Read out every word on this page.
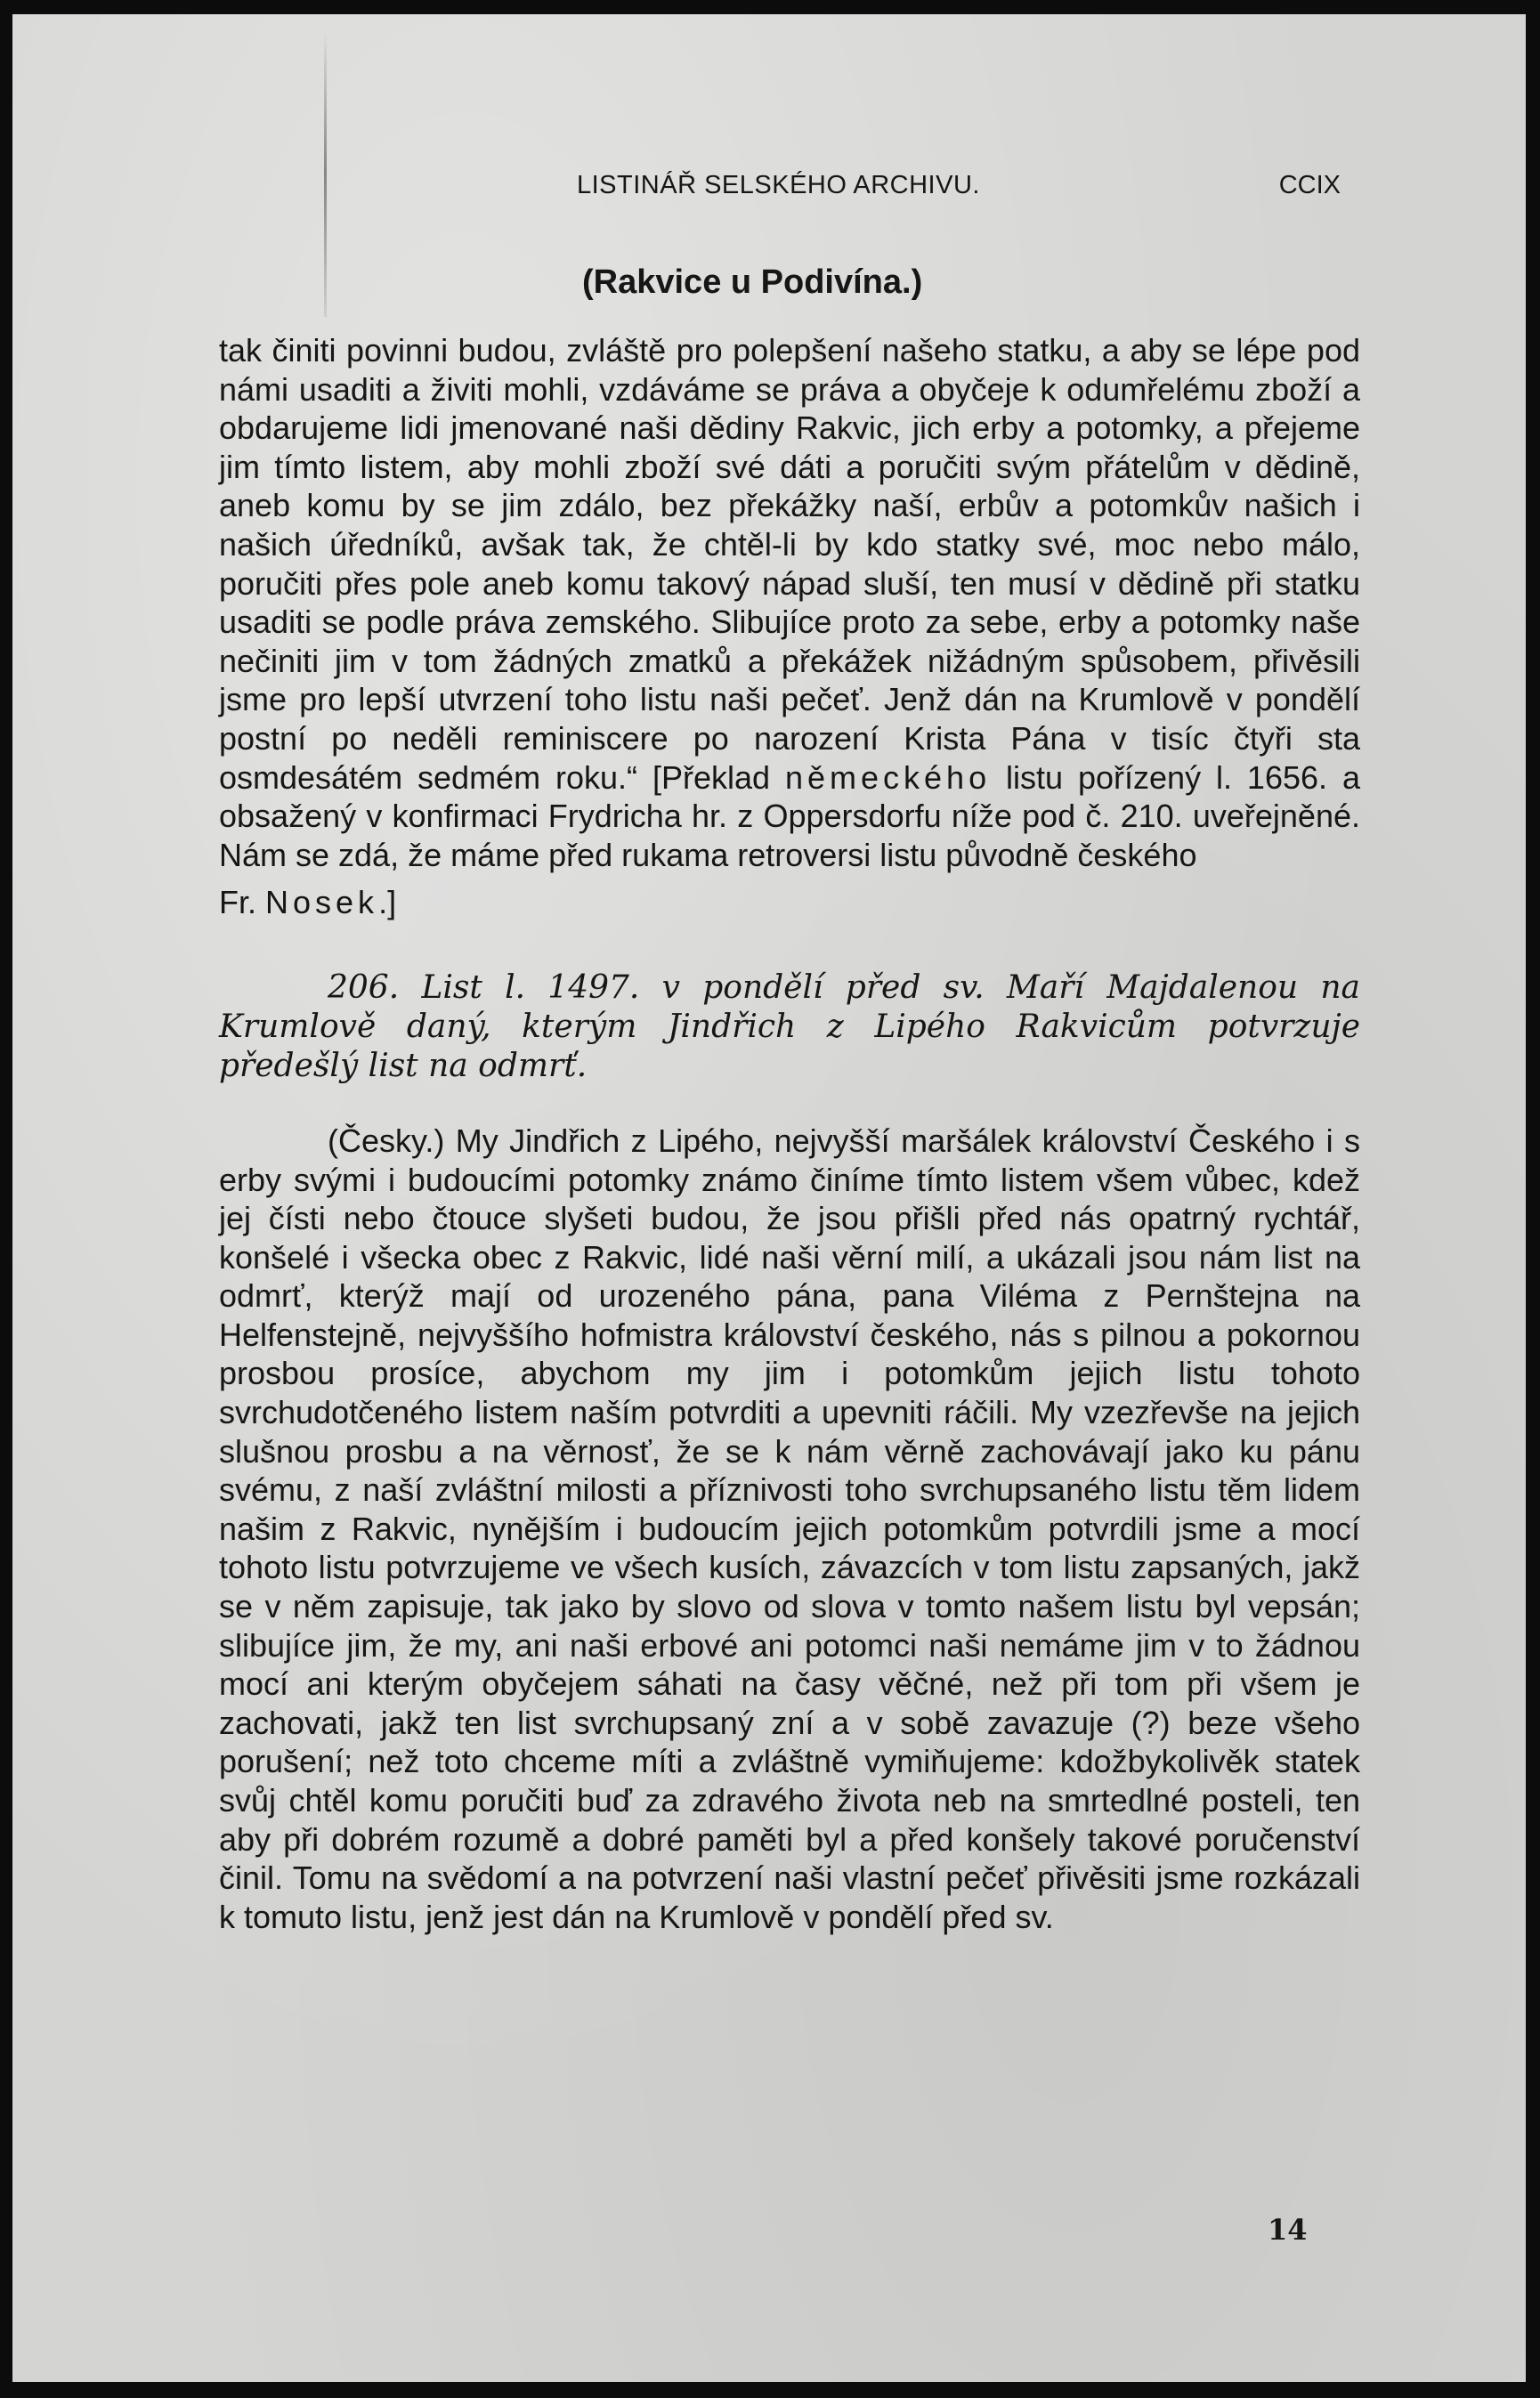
LISTINÁŘ SELSKÉHO ARCHIVU.	CCIX
(Rakvice u Podivína.)

tak činiti povinni budou, zvláště pro polepšení našeho statku, a aby se lépe pod námi usaditi a živiti mohli, vzdáváme se práva a obyčeje k odumřelému zboží a obdarujeme lidi jmenované naši dědiny Rakvic, jich erby a potomky, a přejeme jim tímto listem, aby mohli zboží své dáti a poručiti svým přátelům v dědině, aneb komu by se jim zdálo, bez překážky naší, erbův a potomkův našich i našich úředníků, avšak tak, že chtěl-li by kdo statky své, moc nebo málo, poručiti přes pole aneb komu takový nápad sluší, ten musí v dědině při statku usaditi se podle práva zemského. Slibujíce proto za sebe, erby a potomky naše nečiniti jim v tom žádných zmatků a překážek nižádným spůsobem, přivěsili jsme pro lepší utvrzení toho listu naši pečeť. Jenž dán na Krumlově v pondělí postní po neděli reminiscere po narození Krista Pána v tisíc čtyři sta osmdesátém sedmém roku.“ [Překlad německého listu pořízený l. 1656. a obsažený v konfirmaci Frydricha hr. z Oppersdorfu níže pod č. 210. uveřejněné. Nám se zdá, že máme před rukama retroversi listu původně českého

Fr. Nosek.]

206. List l. 1497. v pondělí před sv. Maří Majdalenou na Krumlově daný, kterým Jindřich z Lipého Rakvicům potvrzuje předešlý list na odmrť.

(Česky.) My Jindřich z Lipého, nejvyšší maršálek království Českého i s erby svými i budoucími potomky známo činíme tímto listem všem vůbec, kdež jej čísti nebo čtouce slyšeti budou, že jsou přišli před nás opatrný rychtář, konšelé i všecka obec z Rakvic, lidé naši věrní milí, a ukázali jsou nám list na odmrť, kterýž mají od urozeného pána, pana Viléma z Pernštejna na Helfenstejně, nejvyššího hofmistra království českého, nás s pilnou a pokornou prosbou prosíce, abychom my jim i potomkům jejich listu tohoto svrchudotčeného listem naším potvrditi a upevniti ráčili. My vzezřevše na jejich slušnou prosbu a na věrnosť, že se k nám věrně zachovávají jako ku pánu svému, z naší zvláštní milosti a příznivosti toho svrchupsaného listu těm lidem našim z Rakvic, nynějším i budoucím jejich potomkům potvrdili jsme a mocí tohoto listu potvrzujeme ve všech kusích, závazcích v tom listu zapsaných, jakž se v něm zapisuje, tak jako by slovo od slova v tomto našem listu byl vepsán; slibujíce jim, že my, ani naši erbové ani potomci naši nemáme jim v to žádnou mocí ani kterým obyčejem sáhati na časy věčné, než při tom při všem je zachovati, jakž ten list svrchupsaný zní a v sobě zavazuje (?) beze všeho porušení; než toto chceme míti a zvláštně vymiňujeme: kdožbykolivěk statek svůj chtěl komu poručiti buď za zdravého života neb na smrtedlné posteli, ten aby při dobrém rozumě a dobré paměti byl a před konšely takové poručenství činil. Tomu na svědomí a na potvrzení naši vlastní pečeť přivěsiti jsme rozkázali k tomuto listu, jenž jest dán na Krumlově v pondělí před sv.

14
